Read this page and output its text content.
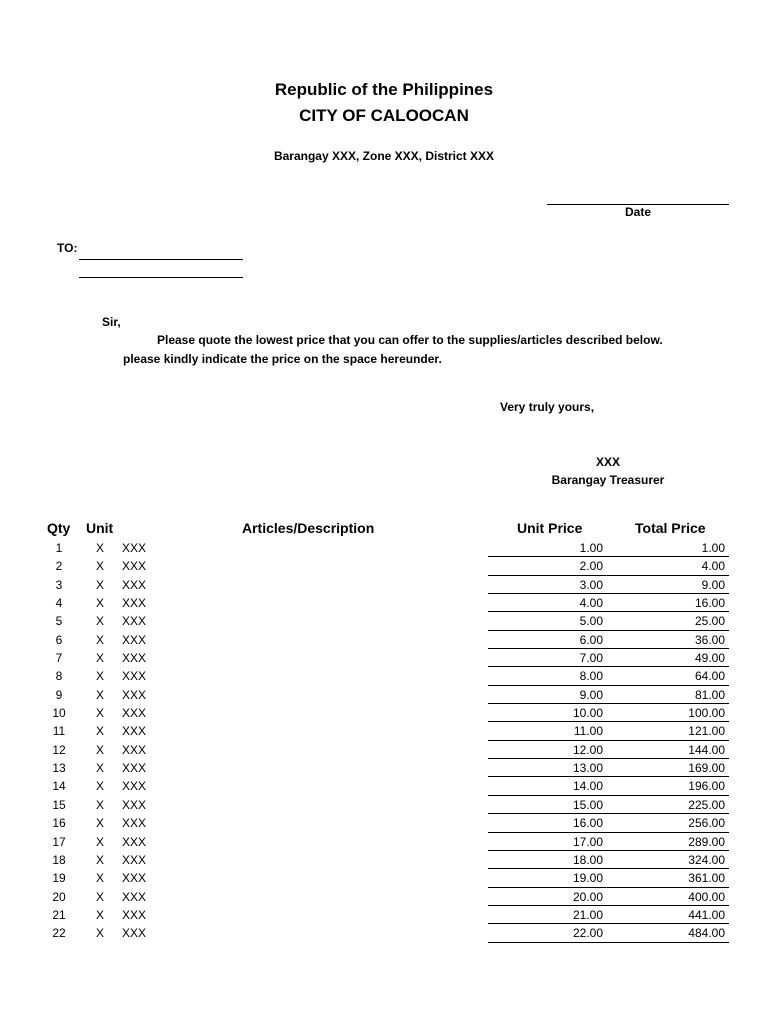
Republic of the Philippines
CITY OF CALOOCAN
Barangay XXX, Zone XXX, District XXX
Date
TO:
Sir,
Please quote the lowest price that you can offer to the supplies/articles described below.
please kindly indicate the price on the space hereunder.
Very truly yours,
XXX
Barangay Treasurer
Qty Unit	Articles/Description	Unit Price	Total Price
1	X XXX	1.00	1.00
2	X XXX	2.00	4.00
3	X XXX	3.00	9.00
4	X XXX	4.00	16.00
5	X XXX	5.00	25.00
6	X XXX	6.00	36.00
7	X XXX	7.00	49.00
8	X XXX	8.00	64.00
9	X XXX	9.00	81.00
10	X XXX	10.00	100.00
11	X XXX	11.00	121.00
12	X XXX	12.00	144.00
13	X XXX	13.00	169.00
14	X XXX	14.00	196.00
15	X XXX	15.00	225.00
16	X XXX	16.00	256.00
17	X XXX	17.00	289.00
18	X XXX	18.00	324.00
19	X XXX	19.00	361.00
20	X XXX	20.00	400.00
21	X XXX	21.00	441.00
22	X XXX	22.00	484.00
